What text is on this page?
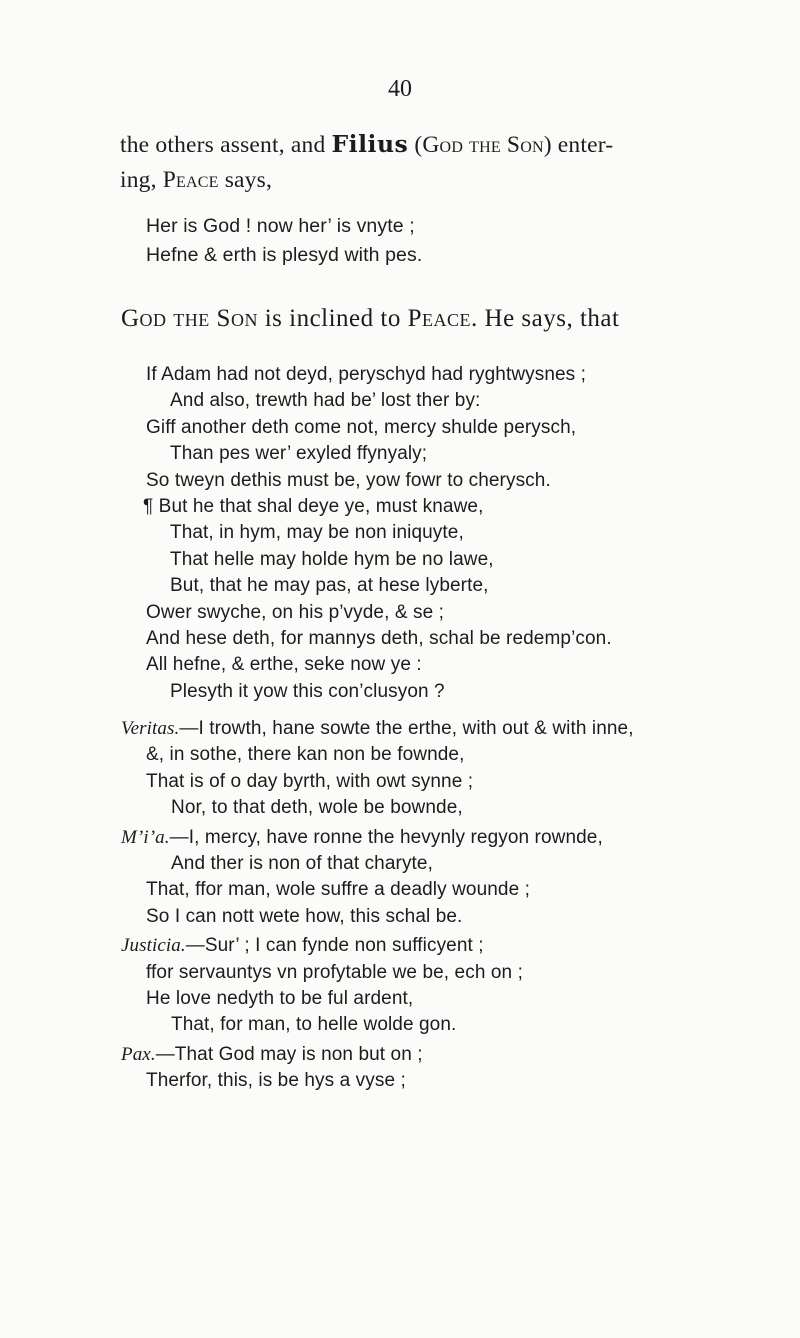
40
the others assent, and Filius (God the Son) enter-
ing, Peace says,
Her is God ! now her’ is vnyte ;
Hefne & erth is plesyd with pes.
God the Son is inclined to Peace. He says, that
If Adam had not deyd, peryschyd had ryghtwysnes ;
And also, trewth had be’ lost ther by:
Giff another deth come not, mercy shulde perysch,
Than pes wer’ exyled ffynyaly;
So tweyn dethis must be, yow fowr to cherysch.
¶ But he that shal deye ye, must knawe,
That, in hym, may be non iniquyte,
That helle may holde hym be no lawe,
But, that he may pas, at hese lyberte,
Ower swyche, on his p’vyde, & se ;
And hese deth, for mannys deth, schal be redemp’con.
All hefne, & erthe, seke now ye :
Plesyth it yow this con’clusyon ?
Veritas.—I trowth, hane sowte the erthe, with out & with inne,
&, in sothe, there kan non be fownde,
That is of o day byrth, with owt synne ;
Nor, to that deth, wole be bownde,
M’i’a.—I, mercy, have ronne the hevynly regyon rownde,
And ther is non of that charyte,
That, ffor man, wole suffre a deadly wounde ;
So I can nott wete how, this schal be.
Justicia.—Sur’ ; I can fynde non sufficyent ;
ffor servauntys vn profytable we be, ech on ;
He love nedyth to be ful ardent,
That, for man, to helle wolde gon.
Pax.—That God may is non but on ;
Therfor, this, is be hys a vyse ;
